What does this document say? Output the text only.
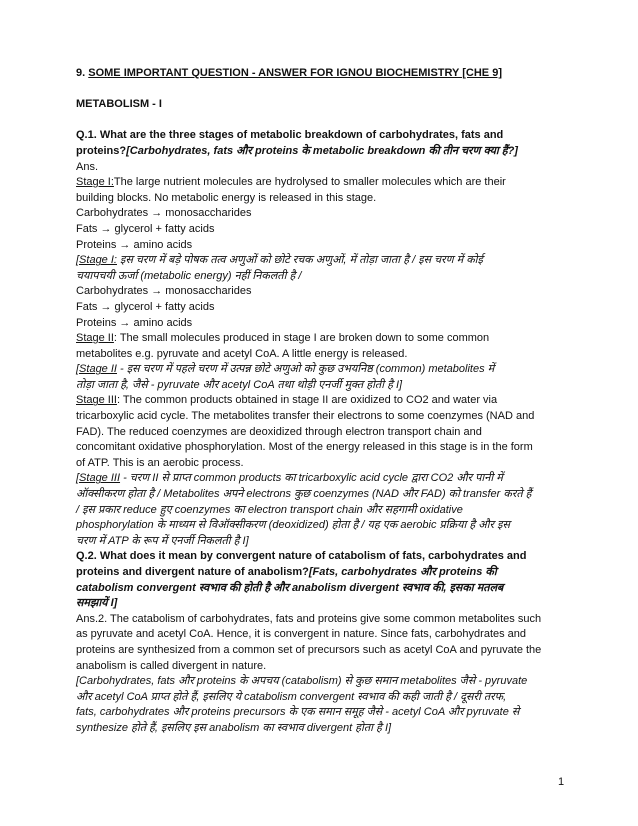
9. SOME IMPORTANT QUESTION - ANSWER FOR IGNOU BIOCHEMISTRY [CHE 9]
METABOLISM - I
Q.1. What are the three stages of metabolic breakdown of carbohydrates, fats and
proteins?[Carbohydrates, fats और proteins के metabolic breakdown की तीन चरण क्या हैं?]
Ans.
Stage I:The large nutrient molecules are hydrolysed to smaller molecules which are their
building blocks. No metabolic energy is released in this stage.
Carbohydrates → monosaccharides
Fats → glycerol + fatty acids
Proteins → amino acids
[Stage I: इस चरण में बड़े पोषक तत्व अणुओं को छोटे रचक अणुओं, में तोड़ा जाता है / इस चरण में कोई
चयापचयी ऊर्जा (metabolic energy) नहीं निकलती है /
Carbohydrates → monosaccharides
Fats → glycerol + fatty acids
Proteins → amino acids
Stage II: The small molecules produced in stage I are broken down to some common
metabolites e.g. pyruvate and acetyl CoA. A little energy is released.
[Stage II - इस चरण में पहले चरण में उत्पन्न छोटे अणुओ को कुछ उभयनिष्ठ (common) metabolites में
तोड़ा जाता है, जैसे - pyruvate और acetyl CoA तथा थोड़ी एनर्जी मुक्त होती है I]
Stage III: The common products obtained in stage II are oxidized to CO2 and water via
tricarboxylic acid cycle. The metabolites transfer their electrons to some coenzymes (NAD and
FAD). The reduced coenzymes are deoxidized through electron transport chain and
concomitant oxidative phosphorylation. Most of the energy released in this stage is in the form
of ATP. This is an aerobic process.
[Stage III - चरण II से प्राप्त common products का tricarboxylic acid cycle द्वारा CO2 और पानी में
ऑक्सीकरण होता है / Metabolites अपने electrons कुछ coenzymes (NAD और FAD) को transfer करते हैं
/ इस प्रकार reduce हुए coenzymes का electron transport chain और सहगामी oxidative
phosphorylation के माध्यम से विऑक्सीकरण (deoxidized) होता है / यह एक aerobic प्रक्रिया है और इस
चरण में ATP के रूप में एनर्जी निकलती है I]
Q.2. What does it mean by convergent nature of catabolism of fats, carbohydrates and
proteins and divergent nature of anabolism?[Fats, carbohydrates और proteins की
catabolism convergent स्वभाव की होती है और anabolism divergent स्वभाव की, इसका मतलब
समझायें I]
Ans.2. The catabolism of carbohydrates, fats and proteins give some common metabolites such
as pyruvate and acetyl CoA. Hence, it is convergent in nature. Since fats, carbohydrates and
proteins are synthesized from a common set of precursors such as acetyl CoA and pyruvate the
anabolism is called divergent in nature.
[Carbohydrates, fats और proteins के अपचय (catabolism) से कुछ समान metabolites जैसे - pyruvate
और acetyl CoA प्राप्त होते हैं, इसलिए ये catabolism convergent स्वभाव की कही जाती है / दूसरी तरफ,
fats, carbohydrates और proteins precursors के एक समान समूह जैसे - acetyl CoA और pyruvate से
synthesize होते हैं, इसलिए इस anabolism का स्वभाव divergent होता है I]
1
